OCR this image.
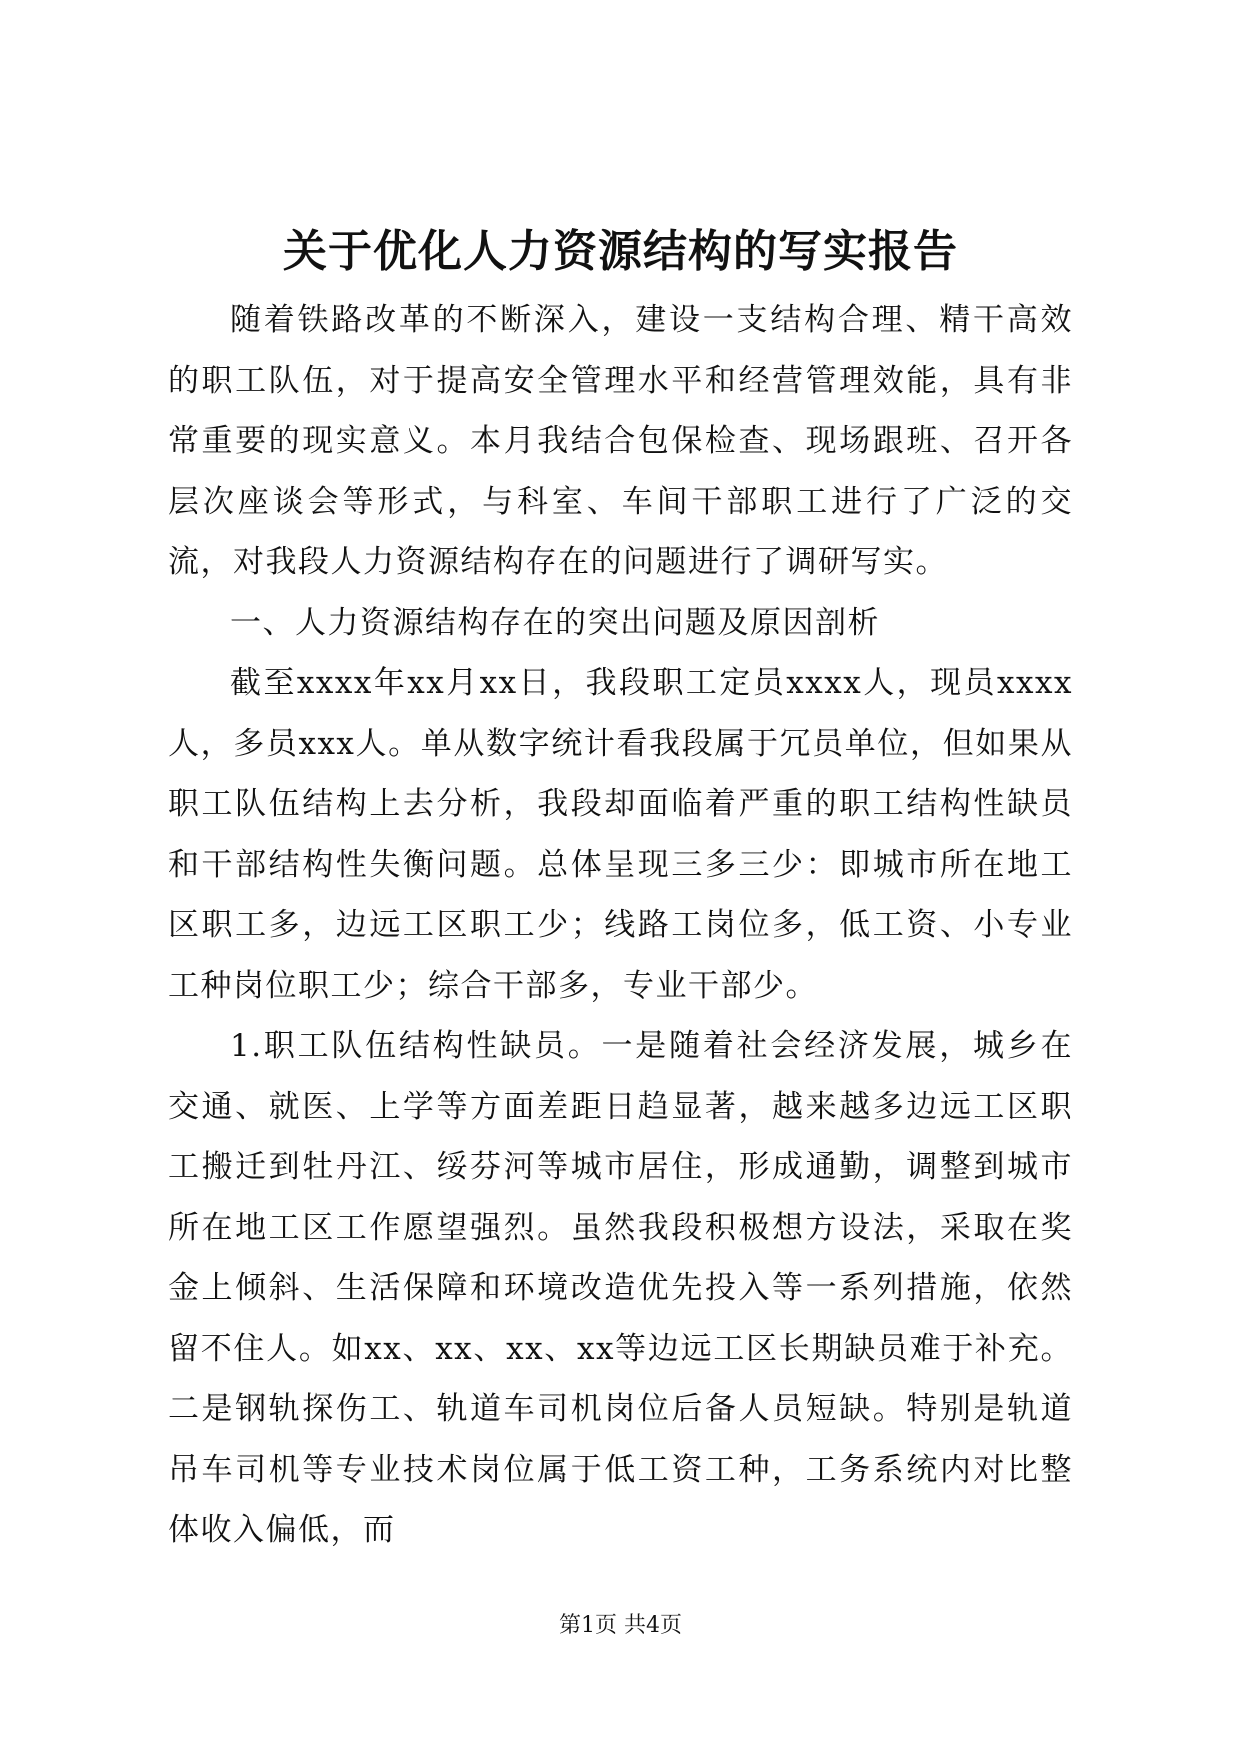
关于优化人力资源结构的写实报告

随着铁路改革的不断深入，建设一支结构合理、精干高效的职工队伍，对于提高安全管理水平和经营管理效能，具有非常重要的现实意义。本月我结合包保检查、现场跟班、召开各层次座谈会等形式，与科室、车间干部职工进行了广泛的交流，对我段人力资源结构存在的问题进行了调研写实。

一、人力资源结构存在的突出问题及原因剖析

截至xxxx年xx月xx日，我段职工定员xxxx人，现员xxxx人，多员xxx人。单从数字统计看我段属于冗员单位，但如果从职工队伍结构上去分析，我段却面临着严重的职工结构性缺员和干部结构性失衡问题。总体呈现三多三少：即城市所在地工区职工多，边远工区职工少；线路工岗位多，低工资、小专业工种岗位职工少；综合干部多，专业干部少。

1.职工队伍结构性缺员。一是随着社会经济发展，城乡在交通、就医、上学等方面差距日趋显著，越来越多边远工区职工搬迁到牡丹江、绥芬河等城市居住，形成通勤，调整到城市所在地工区工作愿望强烈。虽然我段积极想方设法，采取在奖金上倾斜、生活保障和环境改造优先投入等一系列措施，依然留不住人。如xx、xx、xx、xx等边远工区长期缺员难于补充。二是钢轨探伤工、轨道车司机岗位后备人员短缺。特别是轨道吊车司机等专业技术岗位属于低工资工种，工务系统内对比整体收入偏低，而

第1页 共4页
